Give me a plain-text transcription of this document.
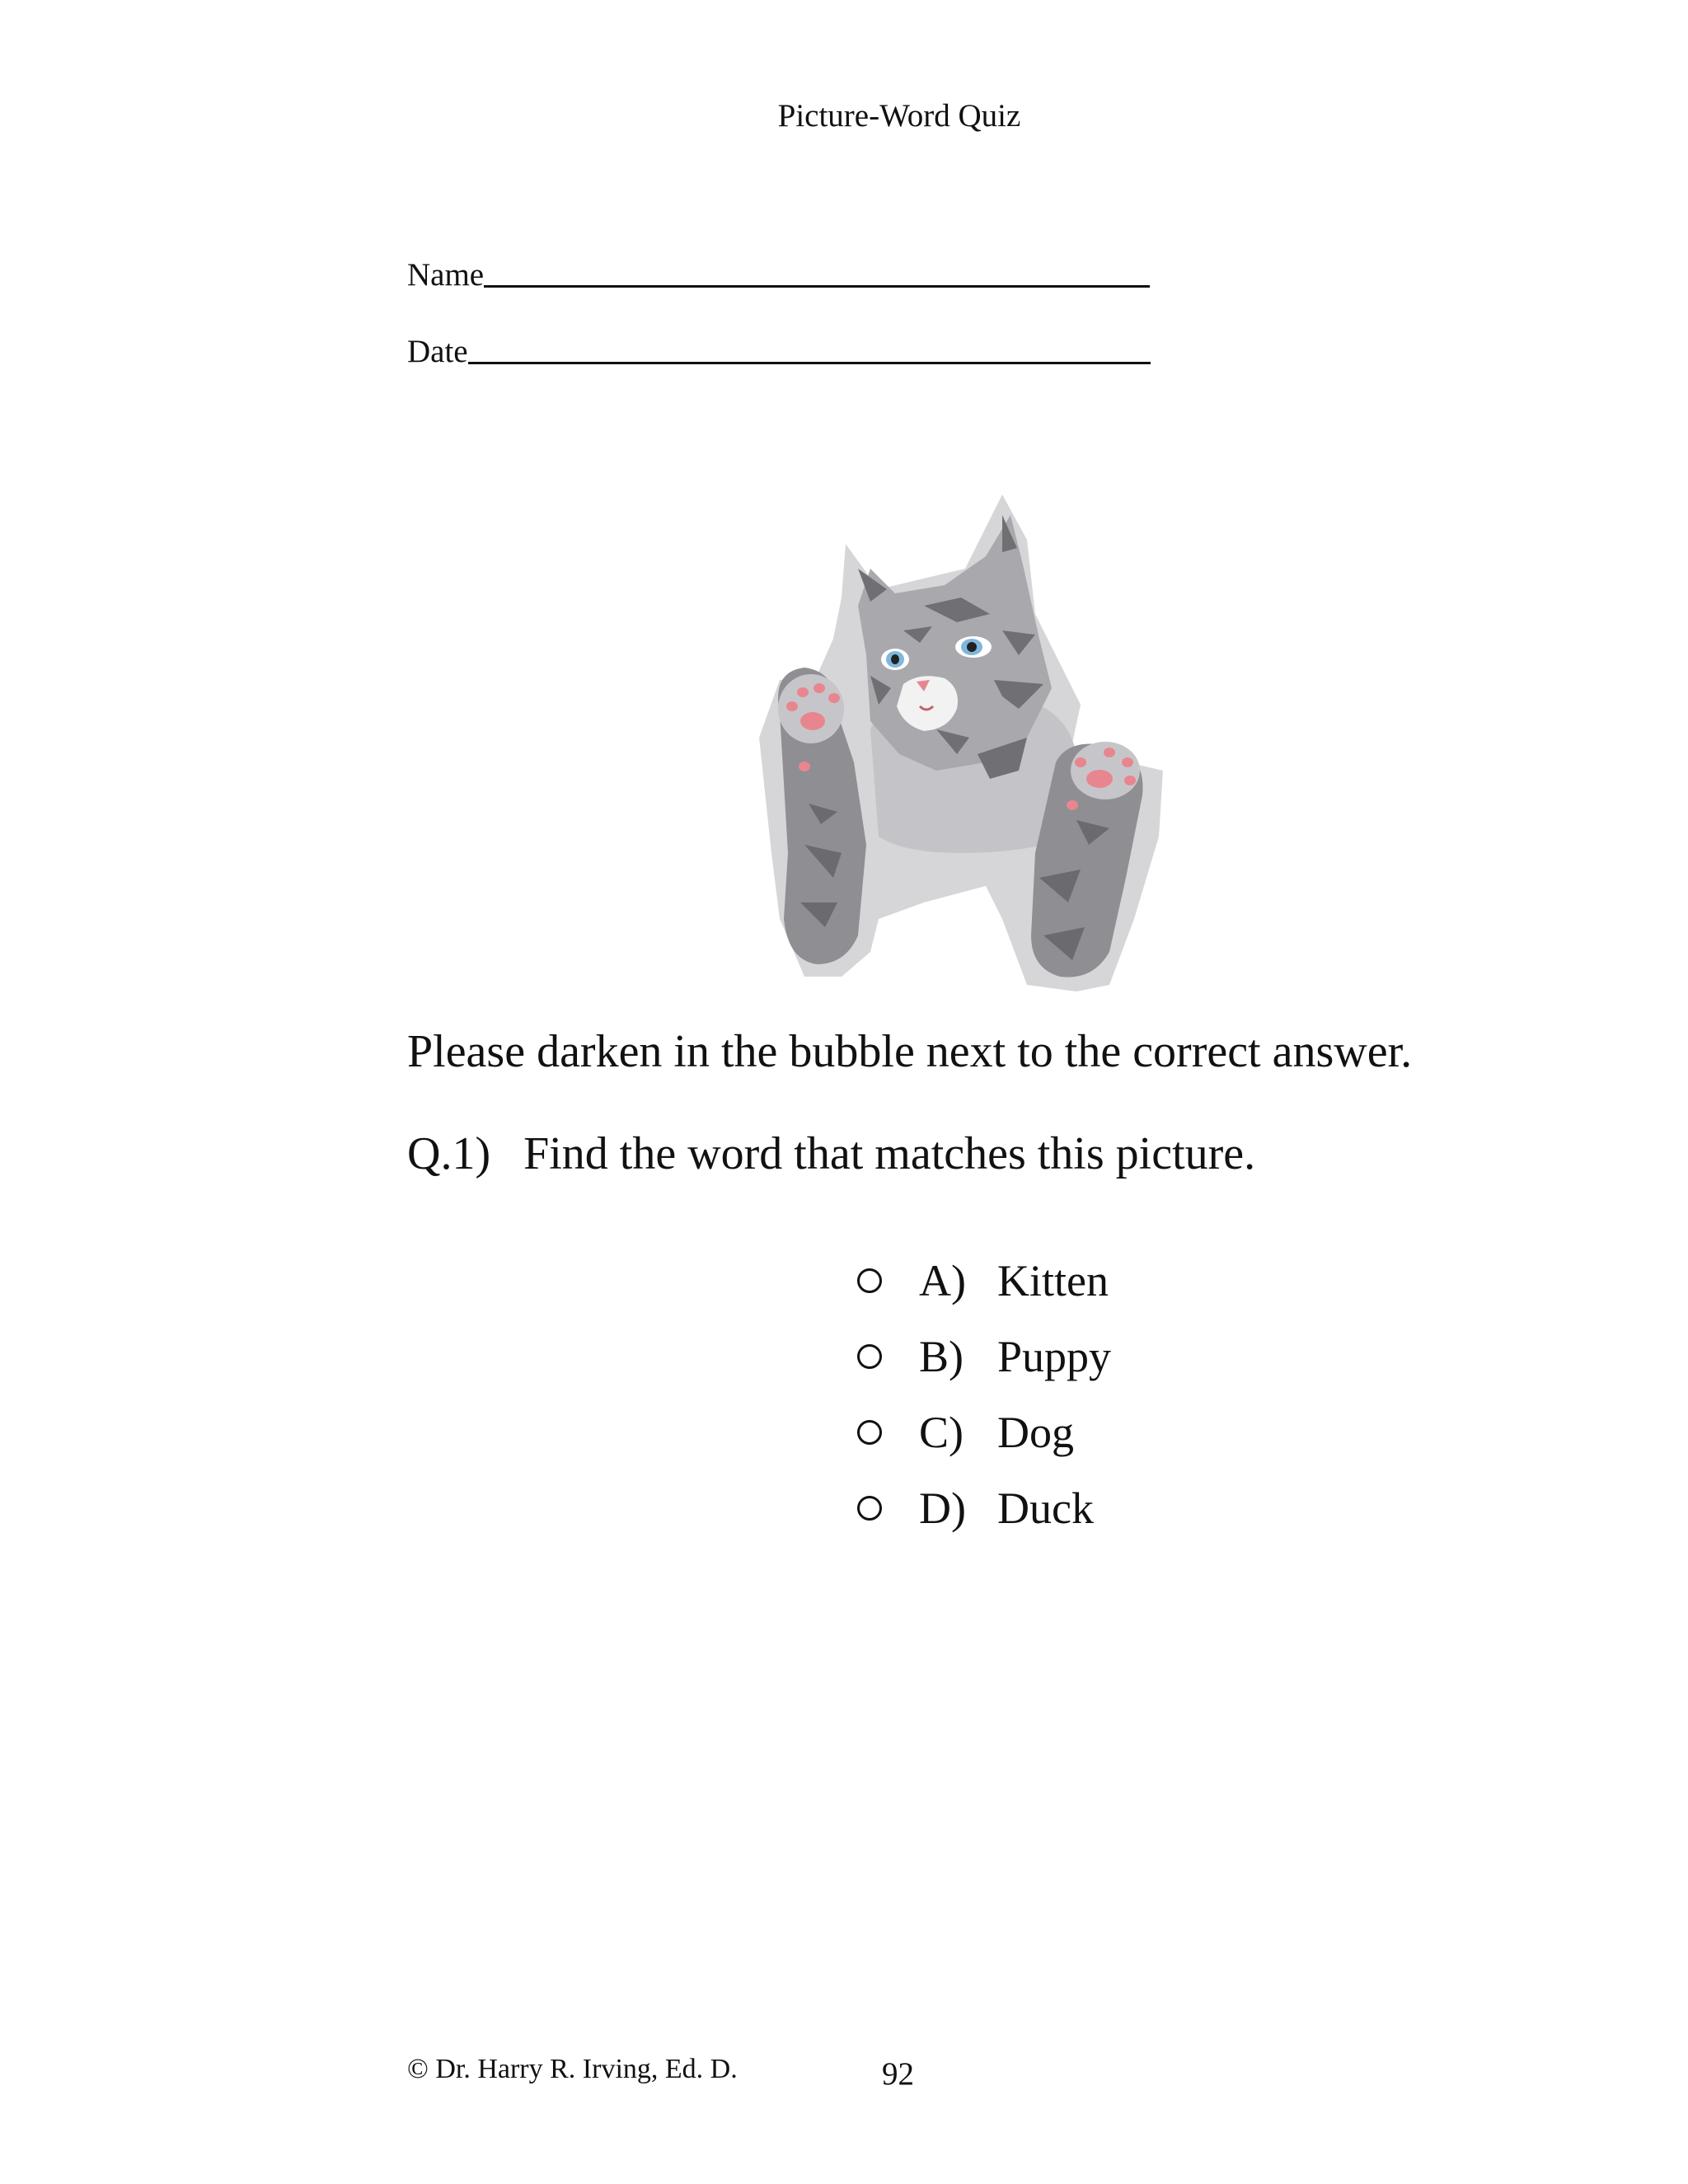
Picture-Word Quiz
Name
Date
Please darken in the bubble next to the correct answer.
Q.1) Find the word that matches this picture.
A) Kitten
B) Puppy
C) Dog
D) Duck
© Dr. Harry R. Irving, Ed. D.	92
